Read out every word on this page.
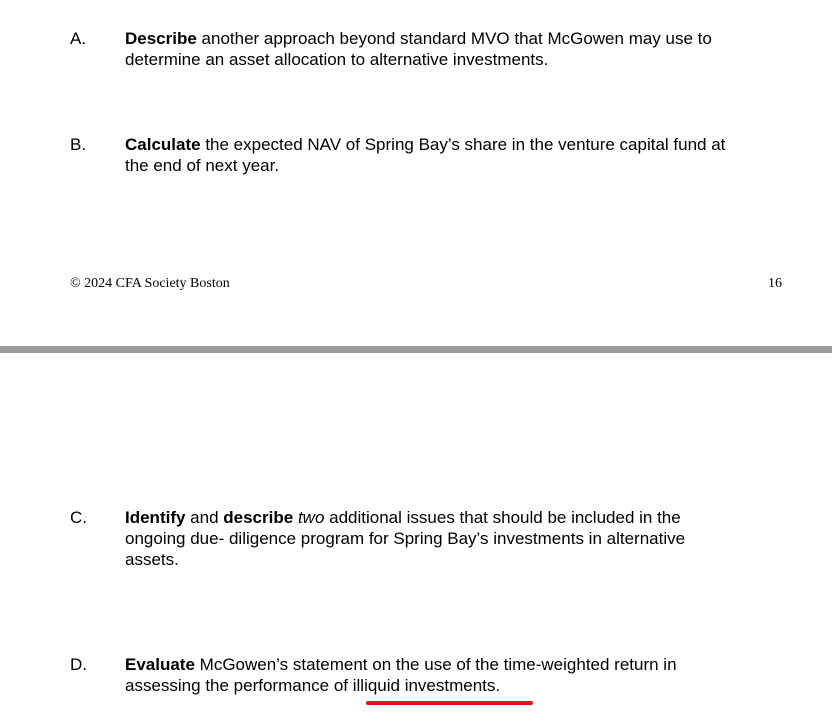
A.	Describe another approach beyond standard MVO that McGowen may use to
determine an asset allocation to alternative investments.
B.	Calculate the expected NAV of Spring Bay’s share in the venture capital fund at
the end of next year.
© 2024 CFA Society Boston	16
C.	Identify and describe two additional issues that should be included in the
ongoing due- diligence program for Spring Bay’s investments in alternative
assets.
D.	Evaluate McGowen’s statement on the use of the time-weighted return in
assessing the performance of illiquid investments.
